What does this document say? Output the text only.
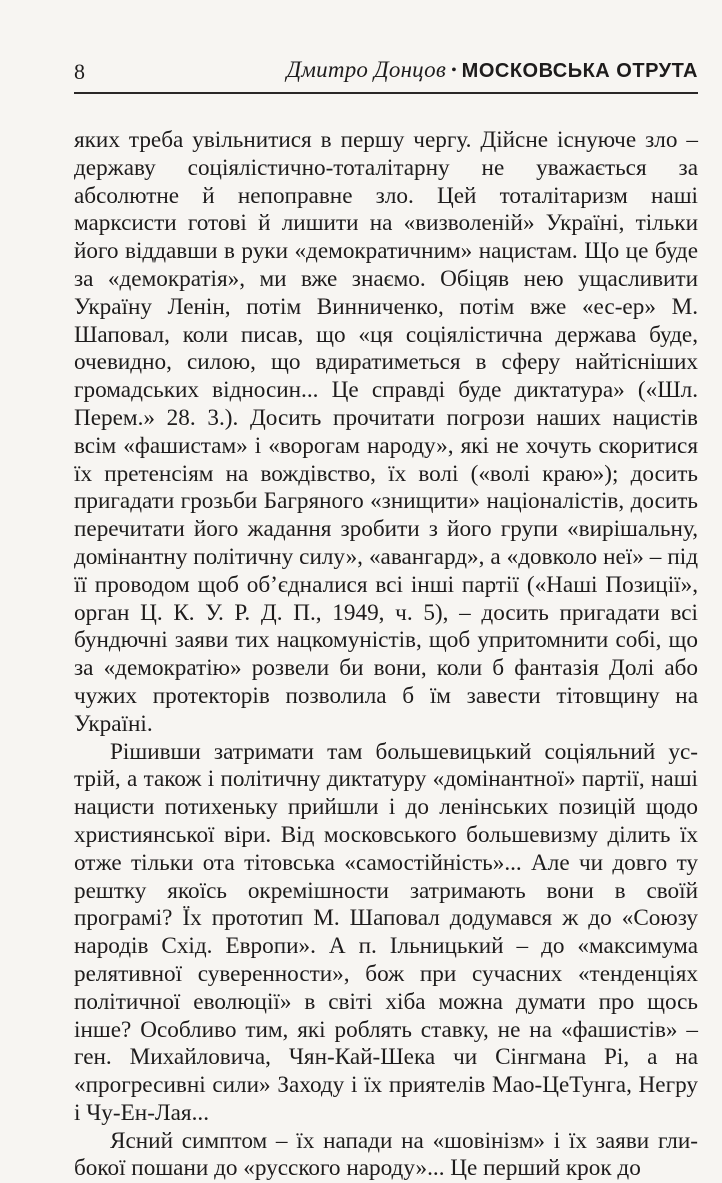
8	Дмитро Донцов • МОСКОВСЬКА ОТРУТА

яких треба увільнитися в першу чергу. Дійсне існуюче зло – державу соціялістично-тоталітарну не уважається за абсолютне й непоправне зло. Цей тоталітаризм наші марксисти готові й лишити на «визволеній» Україні, тільки його віддавши в руки «демократичним» нацистам. Що це буде за «демократія», ми вже знаємо. Обіцяв нею ущасливити Україну Ленін, потім Винниченко, потім вже «ес-ер» М. Шаповал, коли писав, що «ця соціялістична держава буде, очевидно, силою, що вдиратиметься в сферу найтісніших громадських відносин... Це справді буде диктатура» («Шл. Перем.» 28. 3.). Досить прочитати погрози наших нацистів всім «фашистам» і «ворогам народу», які не хочуть скоритися їх претенсіям на вождівство, їх волі («волі краю»); досить пригадати грозьби Багряного «знищити» націоналістів, досить перечитати його жадання зробити з його групи «вирішальну, домінантну політичну силу», «авангард», а «довколо неї» – під її проводом щоб об’єдналися всі інші партії («Наші Позиції», орган Ц. К. У. Р. Д. П., 1949, ч. 5), – досить пригадати всі бундючні заяви тих нацкомуністів, щоб упритомнити собі, що за «демократію» розвели би вони, коли б фантазія Долі або чужих протекторів позволила б їм завести тітовщину на Україні.

Рішивши затримати там большевицький соціяльний устрій, а також і політичну диктатуру «домінантної» партії, наші нацисти потихеньку прийшли і до ленінських позицій щодо християнської віри. Від московського большевизму ділить їх отже тільки ота тітовська «самостійність»... Але чи довго ту рештку якоїсь окремішности затримають вони в своїй програмі? Їх прототип М. Шаповал додумався ж до «Союзу народів Схід. Европи». А п. Ільницький – до «максимума релятивної суверенности», бож при сучасних «тенденціях політичної еволюції» в світі хіба можна думати про щось інше? Особливо тим, які роблять ставку, не на «фашистів» – ген. Михайловича, Чян-Кай-Шека чи Сінгмана Рі, а на «прогресивні сили» Заходу і їх приятелів Мао-ЦеТунга, Негру і Чу-Ен-Лая...

Ясний симптом – їх напади на «шовінізм» і їх заяви глибокої пошани до «русского народу»... Це перший крок до
